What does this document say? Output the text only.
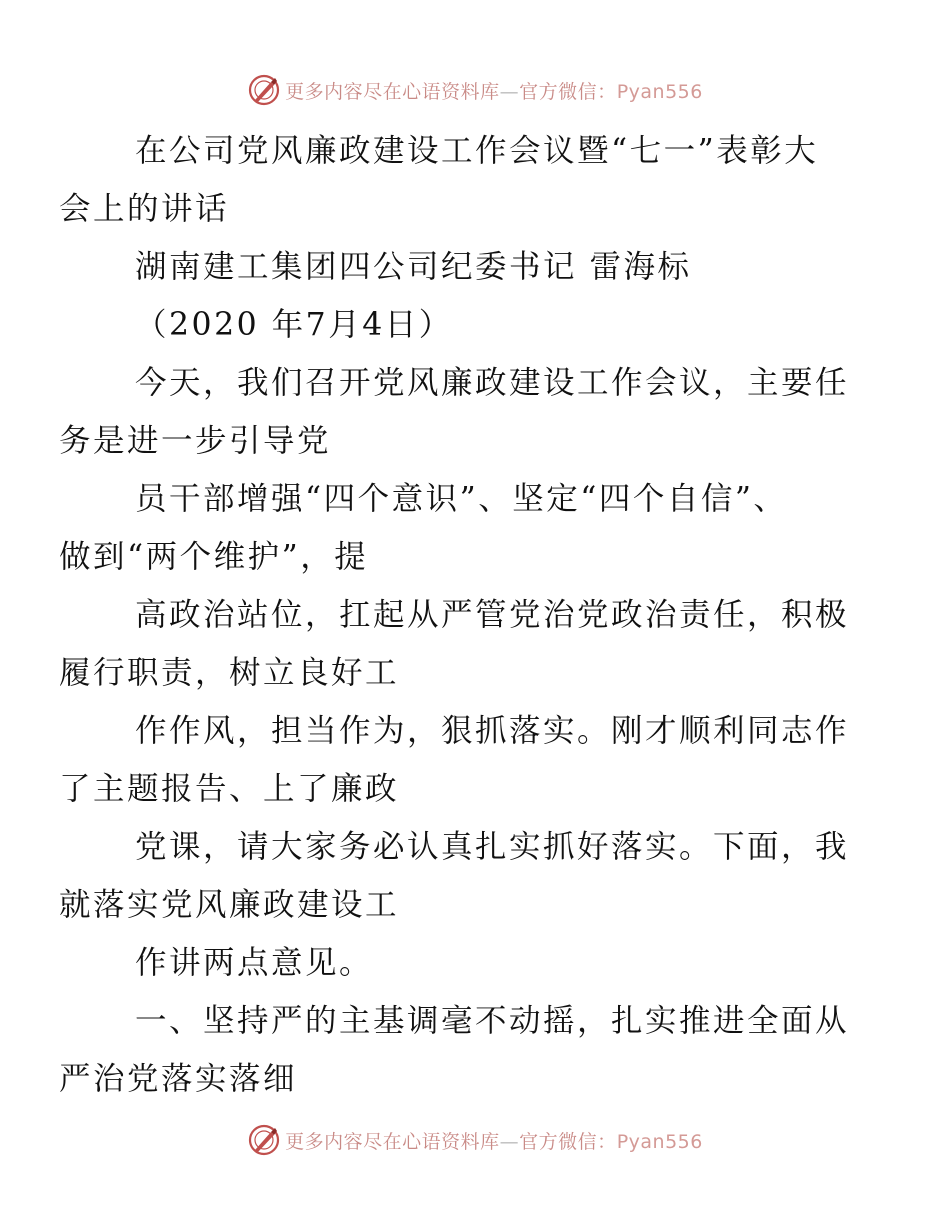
更多内容尽在心语资料库—官方微信：Pyan556

在公司党风廉政建设工作会议暨“七一”表彰大
会上的讲话

湖南建工集团四公司纪委书记 雷海标

（2020 年7月4日）

今天，我们召开党风廉政建设工作会议，主要任
务是进一步引导党

员干部增强“四个意识”、坚定“四个自信”、
做到“两个维护”，提

高政治站位，扛起从严管党治党政治责任，积极
履行职责，树立良好工

作作风，担当作为，狠抓落实。刚才顺利同志作
了主题报告、上了廉政

党课，请大家务必认真扎实抓好落实。下面，我
就落实党风廉政建设工

作讲两点意见。

一、坚持严的主基调毫不动摇，扎实推进全面从
严治党落实落细

更多内容尽在心语资料库—官方微信：Pyan556
